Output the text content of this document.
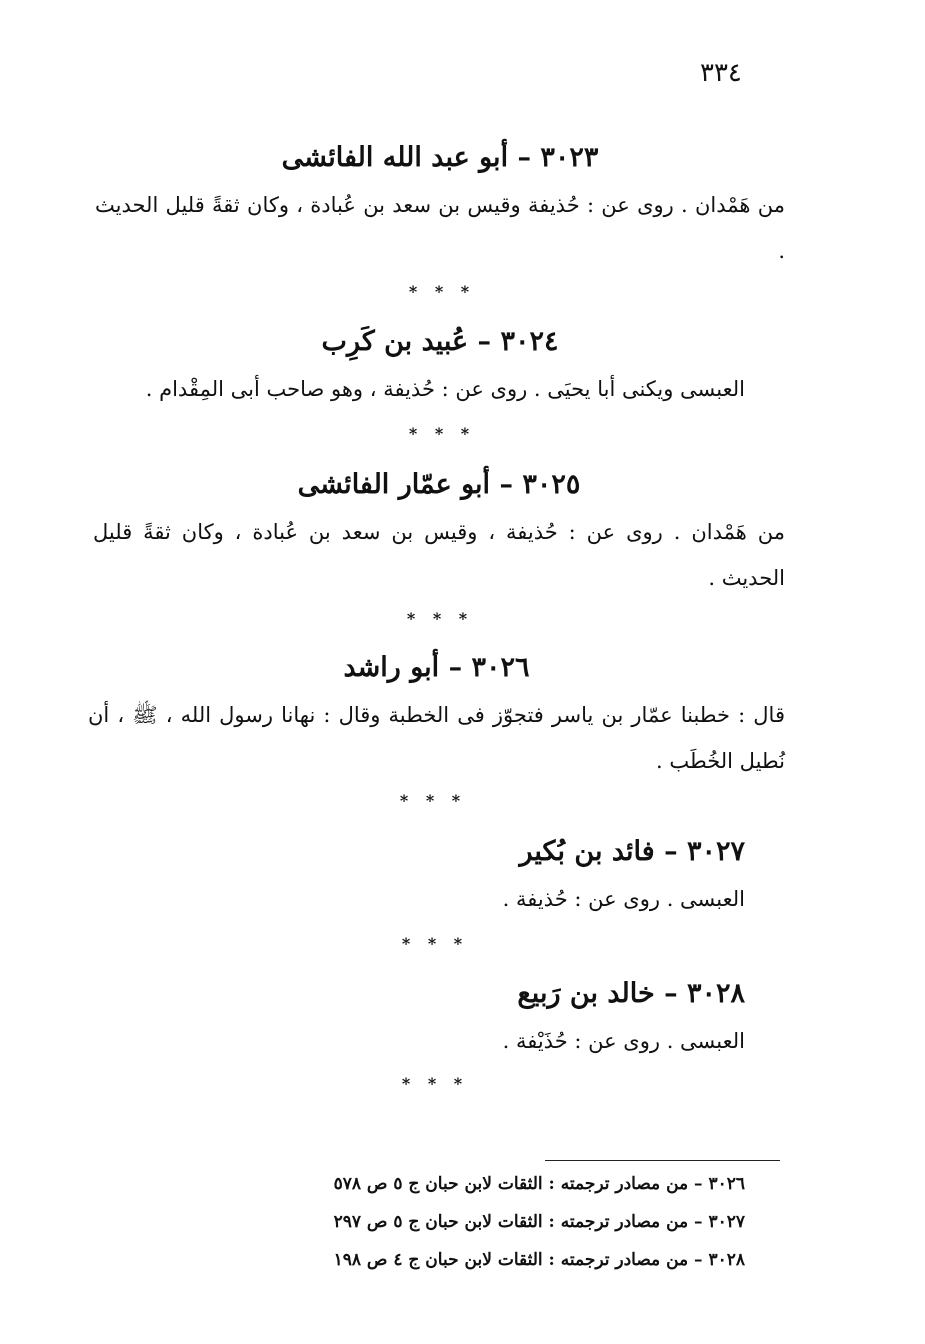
٣٣٤
٣٠٢٣ – أبو عبد الله الفائشى

من هَمْدان . روى عن : حُذيفة وقيس بن سعد بن عُبادة ، وكان ثقةً قليل الحديث .

* * *
٣٠٢٤ – عُبيد بن كَرِب

العبسى ويكنى أبا يحيَى . روى عن : حُذيفة ، وهو صاحب أبى المِقْدام .

* * *
٣٠٢٥ – أبو عمّار الفائشى

من هَمْدان . روى عن : حُذيفة ، وقيس بن سعد بن عُبادة ، وكان ثقةً قليل الحديث .

* * *
٣٠٢٦ – أبو راشد

قال : خطبنا عمّار بن ياسر فتجوّز فى الخطبة وقال : نهانا رسول الله ، ﷺ ، أن نُطيل الخُطَب .

* * *
٣٠٢٧ – فائد بن بُكير

العبسى . روى عن : حُذيفة .

* * *
٣٠٢٨ – خالد بن رَبيع

العبسى . روى عن : حُذَيْفة .

* * *
٣٠٢٦ – من مصادر ترجمته : الثقات لابن حبان ج ٥ ص ٥٧٨
٣٠٢٧ – من مصادر ترجمته : الثقات لابن حبان ج ٥ ص ٢٩٧
٣٠٢٨ – من مصادر ترجمته : الثقات لابن حبان ج ٤ ص ١٩٨
